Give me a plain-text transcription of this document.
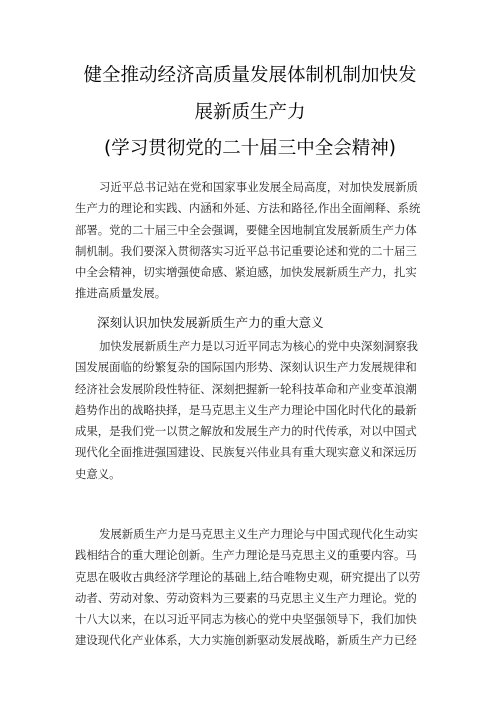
健全推动经济高质量发展体制机制加快发
展新质生产力
(学习贯彻党的二十届三中全会精神)
习近平总书记站在党和国家事业发展全局高度，对加快发展新质
生产力的理论和实践、内涵和外延、方法和路径,作出全面阐释、系统
部署。党的二十届三中全会强调，要健全因地制宜发展新质生产力体
制机制。我们要深入贯彻落实习近平总书记重要论述和党的二十届三
中全会精神，切实增强使命感、紧迫感，加快发展新质生产力，扎实
推进高质量发展。
深刻认识加快发展新质生产力的重大意义
加快发展新质生产力是以习近平同志为核心的党中央深刻洞察我
国发展面临的纷繁复杂的国际国内形势、深刻认识生产力发展规律和
经济社会发展阶段性特征、深刻把握新一轮科技革命和产业变革浪潮
趋势作出的战略抉择，是马克思主义生产力理论中国化时代化的最新
成果，是我们党一以贯之解放和发展生产力的时代传承，对以中国式
现代化全面推进强国建设、民族复兴伟业具有重大现实意义和深远历
史意义。
发展新质生产力是马克思主义生产力理论与中国式现代化生动实
践相结合的重大理论创新。生产力理论是马克思主义的重要内容。马
克思在吸收古典经济学理论的基础上,结合唯物史观，研究提出了以劳
动者、劳动对象、劳动资料为三要素的马克思主义生产力理论。党的
十八大以来，在以习近平同志为核心的党中央坚强领导下，我们加快
建设现代化产业体系，大力实施创新驱动发展战略，新质生产力已经
